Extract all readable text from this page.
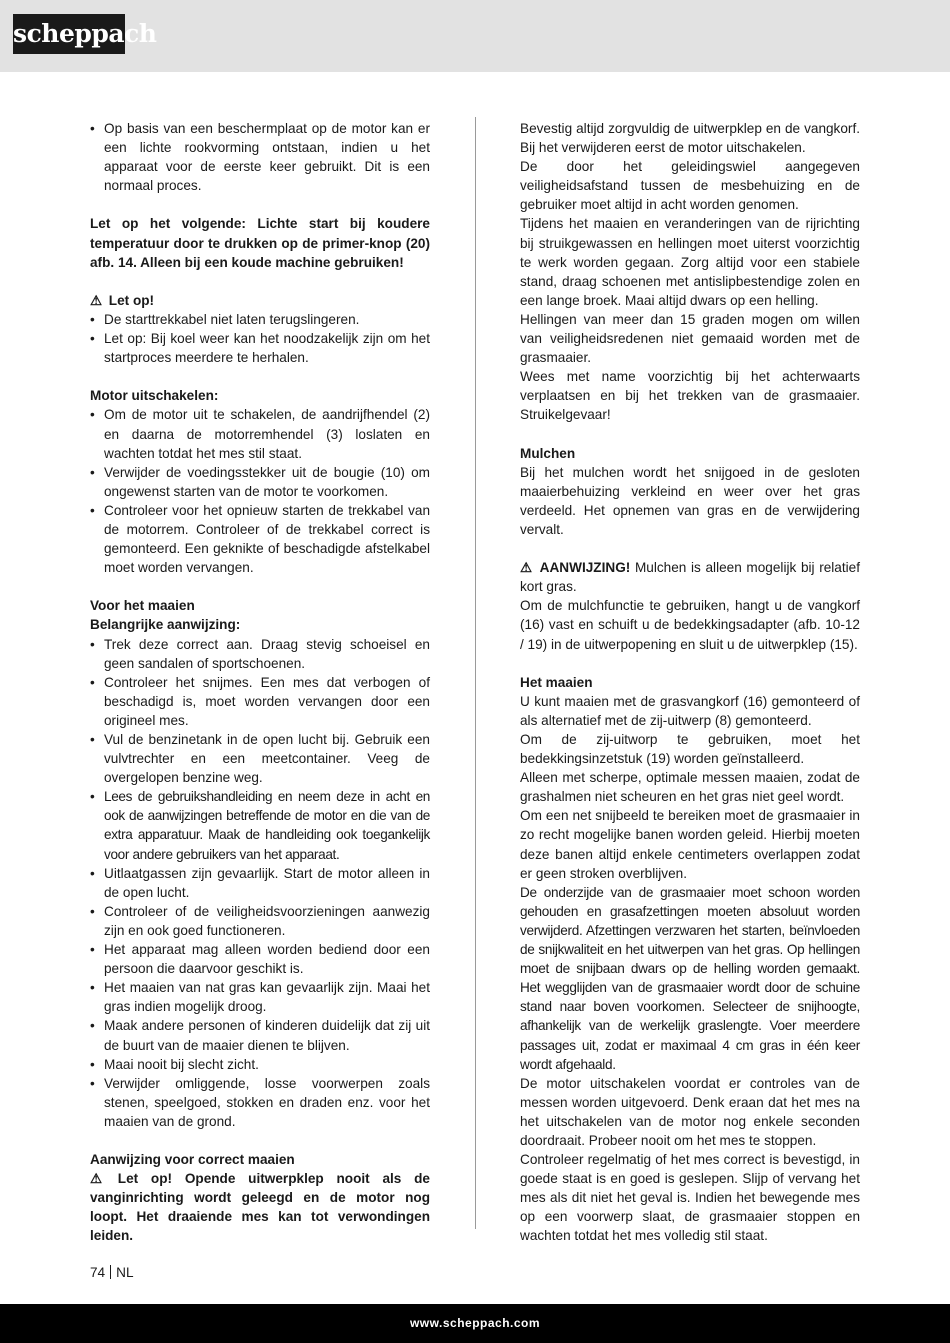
scheppach
• Op basis van een beschermplaat op de motor kan er een lichte rookvorming ontstaan, indien u het apparaat voor de eerste keer gebruikt. Dit is een normaal proces.

Let op het volgende: Lichte start bij koudere temperatuur door te drukken op de primer-knop (20) afb. 14. Alleen bij een koude machine gebruiken!

⚠ Let op!

• De starttrekkabel niet laten terugslingeren.
• Let op: Bij koel weer kan het noodzakelijk zijn om het startproces meerdere te herhalen.

Motor uitschakelen:

• Om de motor uit te schakelen, de aandrijfhendel (2) en daarna de motorremhendel (3) loslaten en wachten totdat het mes stil staat.
• Verwijder de voedingsstekker uit de bougie (10) om ongewenst starten van de motor te voorkomen.
• Controleer voor het opnieuw starten de trekkabel van de motorrem. Controleer of de trekkabel correct is gemonteerd. Een geknikte of beschadigde afstelkabel moet worden vervangen.

Voor het maaien

Belangrijke aanwijzing:

• Trek deze correct aan. Draag stevig schoeisel en geen sandalen of sportschoenen.
• Controleer het snijmes. Een mes dat verbogen of beschadigd is, moet worden vervangen door een origineel mes.
• Vul de benzinetank in de open lucht bij. Gebruik een vulvtrechter en een meetcontainer. Veeg de overgelopen benzine weg.
• Lees de gebruikshandleiding en neem deze in acht en ook de aanwijzingen betreffende de motor en die van de extra apparatuur. Maak de handleiding ook toegankelijk voor andere gebruikers van het apparaat.
• Uitlaatgassen zijn gevaarlijk. Start de motor alleen in de open lucht.
• Controleer of de veiligheidsvoorzieningen aanwezig zijn en ook goed functioneren.
• Het apparaat mag alleen worden bediend door een persoon die daarvoor geschikt is.
• Het maaien van nat gras kan gevaarlijk zijn. Maai het gras indien mogelijk droog.
• Maak andere personen of kinderen duidelijk dat zij uit de buurt van de maaier dienen te blijven.
• Maai nooit bij slecht zicht.
• Verwijder omliggende, losse voorwerpen zoals stenen, speelgoed, stokken en draden enz. voor het maaien van de grond.

Aanwijzing voor correct maaien

⚠ Let op! Opende uitwerpklep nooit als de vanginrichting wordt geleegd en de motor nog loopt. Het draaiende mes kan tot verwondingen leiden.

Bevestig altijd zorgvuldig de uitwerpklep en de vangkorf. Bij het verwijderen eerst de motor uitschakelen.

De door het geleidingswiel aangegeven veiligheidsafstand tussen de mesbehuizing en de gebruiker moet altijd in acht worden genomen.

Tijdens het maaien en veranderingen van de rijrichting bij struikgewassen en hellingen moet uiterst voorzichtig te werk worden gegaan. Zorg altijd voor een stabiele stand, draag schoenen met antislipbestendige zolen en een lange broek. Maai altijd dwars op een helling.

Hellingen van meer dan 15 graden mogen om willen van veiligheidsredenen niet gemaaid worden met de grasmaaier.

Wees met name voorzichtig bij het achterwaarts verplaatsen en bij het trekken van de grasmaaier. Struikelgevaar!

Mulchen

Bij het mulchen wordt het snijgoed in de gesloten maaierbehuizing verkleind en weer over het gras verdeeld. Het opnemen van gras en de verwijdering vervalt.

⚠ AANWIJZING! Mulchen is alleen mogelijk bij relatief kort gras.

Om de mulchfunctie te gebruiken, hangt u de vangkorf (16) vast en schuift u de bedekkingsadapter (afb. 10-12 / 19) in de uitwerpopening en sluit u de uitwerpklep (15).

Het maaien

U kunt maaien met de grasvangkorf (16) gemonteerd of als alternatief met de zij-uitwerp (8) gemonteerd.

Om de zij-uitworp te gebruiken, moet het bedekkingsinzetstuk (19) worden geïnstalleerd.

Alleen met scherpe, optimale messen maaien, zodat de grashalmen niet scheuren en het gras niet geel wordt.

Om een net snijbeeld te bereiken moet de grasmaaier in zo recht mogelijke banen worden geleid. Hierbij moeten deze banen altijd enkele centimeters overlappen zodat er geen stroken overblijven.

De onderzijde van de grasmaaier moet schoon worden gehouden en grasafzettingen moeten absoluut worden verwijderd. Afzettingen verzwaren het starten, beïnvloeden de snijkwaliteit en het uitwerpen van het gras. Op hellingen moet de snijbaan dwars op de helling worden gemaakt. Het wegglijden van de grasmaaier wordt door de schuine stand naar boven voorkomen. Selecteer de snijhoogte, afhankelijk van de werkelijk graslengte. Voer meerdere passages uit, zodat er maximaal 4 cm gras in één keer wordt afgehaald.

De motor uitschakelen voordat er controles van de messen worden uitgevoerd. Denk eraan dat het mes na het uitschakelen van de motor nog enkele seconden doordraait. Probeer nooit om het mes te stoppen.

Controleer regelmatig of het mes correct is bevestigd, in goede staat is en goed is geslepen. Slijp of vervang het mes als dit niet het geval is. Indien het bewegende mes op een voorwerp slaat, de grasmaaier stoppen en wachten totdat het mes volledig stil staat.

74 NL
www.scheppach.com
